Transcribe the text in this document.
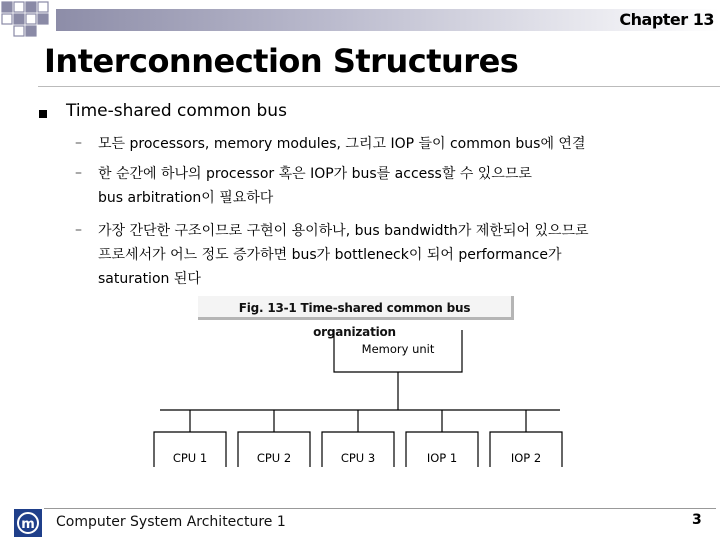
Chapter 13
Interconnection Structures
Time-shared common bus
– 모든 processors, memory modules, 그리고 IOP 들이 common bus에 연결
– 한 순간에 하나의 processor 혹은 IOP가 bus를 access할 수 있으므로
bus arbitration이 필요하다
– 가장 간단한 구조이므로 구현이 용이하나, bus bandwidth가 제한되어 있으므로
프로세서가 어느 정도 증가하면 bus가 bottleneck이 되어 performance가
saturation 된다
Fig. 13-1 Time-shared common bus organization
Memory unit
CPU 1	CPU 2	CPU 3	IOP 1	IOP 2
m Computer System Architecture 1	3
